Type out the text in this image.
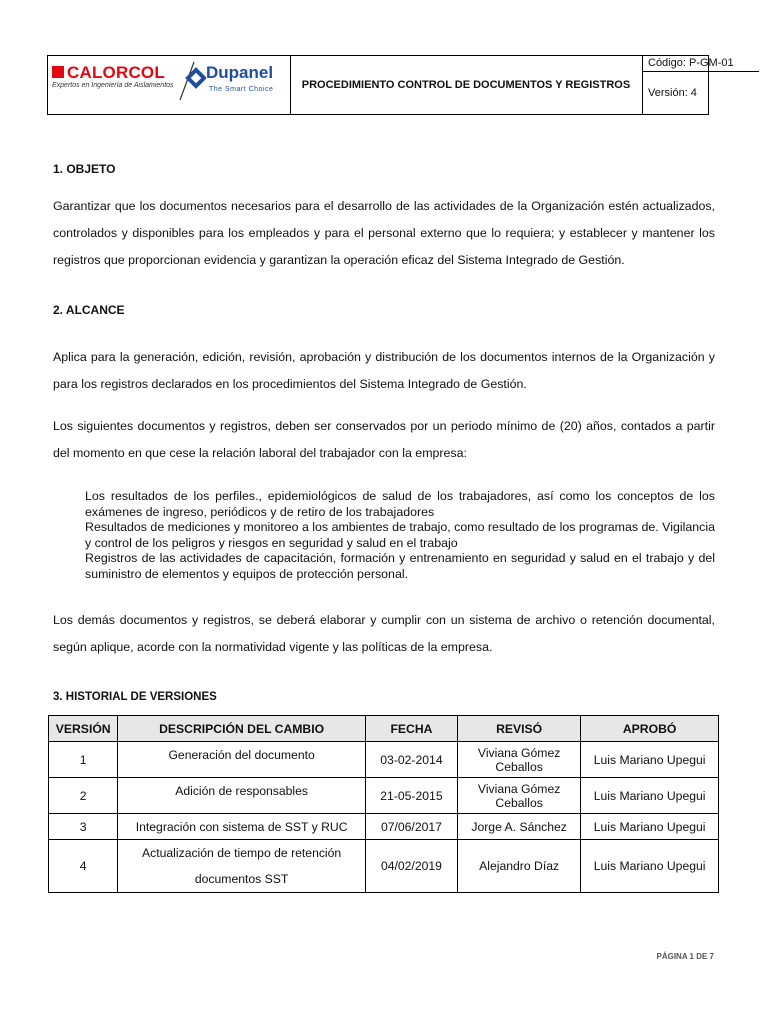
CALORCOL
Expertos en Ingeniería de Aislamientos
Dupanel
The Smart Choice	PROCEDIMIENTO CONTROL DE DOCUMENTOS Y REGISTROS
Código: P-GM-01
Versión: 4
1. OBJETO
Garantizar que los documentos necesarios para el desarrollo de las actividades de la Organización estén actualizados, controlados y disponibles para los empleados y para el personal externo que lo requiera; y establecer y mantener los registros que proporcionan evidencia y garantizan la operación eficaz del Sistema Integrado de Gestión.
2. ALCANCE
Aplica para la generación, edición, revisión, aprobación y distribución de los documentos internos de la Organización y para los registros declarados en los procedimientos del Sistema Integrado de Gestión.
Los siguientes documentos y registros, deben ser conservados por un periodo mínimo de (20) años, contados a partir del momento en que cese la relación laboral del trabajador con la empresa:

Los resultados de los perfiles., epidemiológicos de salud de los trabajadores, así como los conceptos de los exámenes de ingreso, periódicos y de retiro de los trabajadores

Resultados de mediciones y monitoreo a los ambientes de trabajo, como resultado de los programas de. Vigilancia y control de los peligros y riesgos en seguridad y salud en el trabajo

Registros de las actividades de capacitación, formación y entrenamiento en seguridad y salud en el trabajo y del suministro de elementos y equipos de protección personal.

Los demás documentos y registros, se deberá elaborar y cumplir con un sistema de archivo o retención documental, según aplique, acorde con la normatividad vigente y las políticas de la empresa.
3. HISTORIAL DE VERSIONES
VERSIÓN	DESCRIPCIÓN DEL CAMBIO	FECHA	REVISÓ	APROBÓ
1	Generación del documento	03-02-2014	Viviana Gómez Ceballos	Luis Mariano Upegui
2	Adición de responsables	21-05-2015	Viviana Gómez Ceballos	Luis Mariano Upegui
3	Integración con sistema de SST y RUC	07/06/2017	Jorge A. Sánchez	Luis Mariano Upegui
4	Actualización de tiempo de retención documentos SST	04/02/2019	Alejandro Díaz	Luis Mariano Upegui
PÁGINA 1 DE 7
